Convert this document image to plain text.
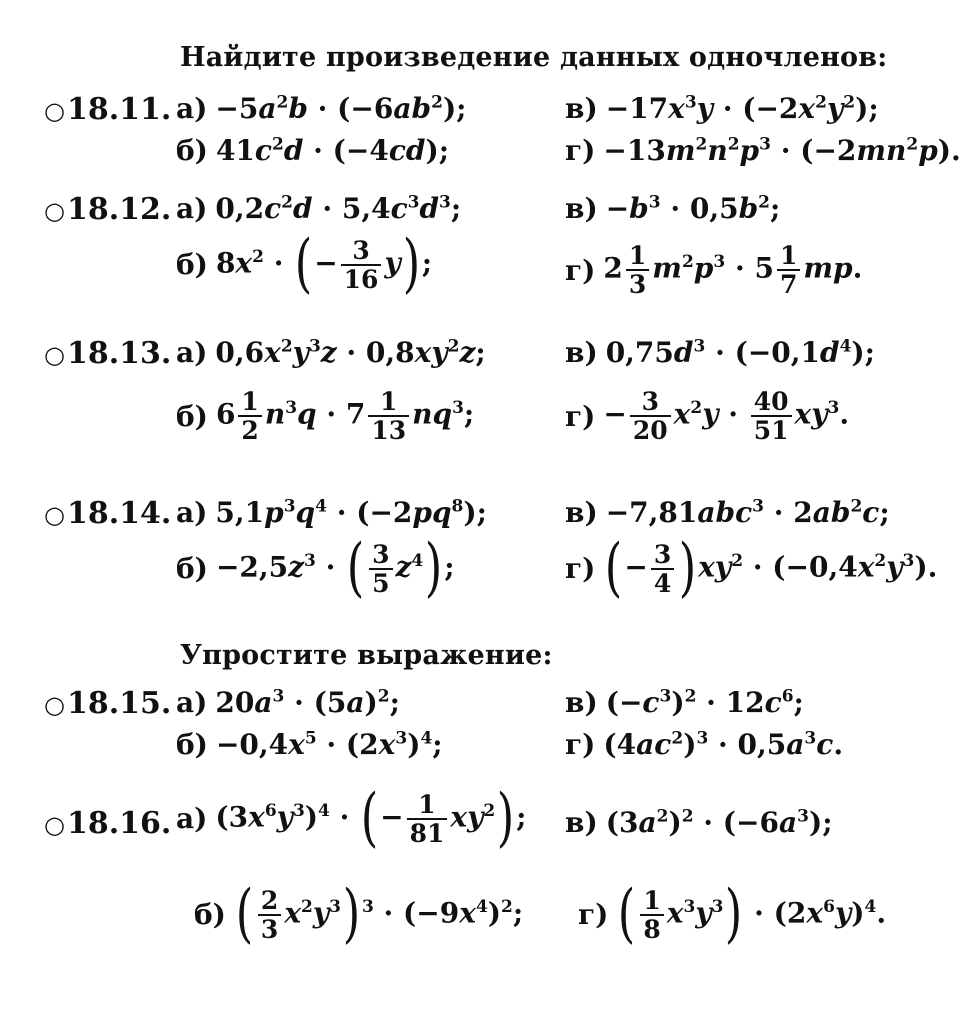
Найдите произведение данных одночленов:
Упростите выражение:
○18.11. $а) -5a^2b \cdot (-6ab^2)$;
б) $41c^2d \cdot (-4cd)$;
$в) -17x^3y \cdot (-2x^2y^2)$;
$г) -13m^2n^2p^3 \cdot (-2mn^2p)$.
○18.12. а) $0,2c^2d \cdot 5,4c^3d^3$;
б) $8x^2$ · (− $\frac{3}{16} y$);
$в) -b^3 \cdot 0,5b^2$;
г) $2 \frac{1}{3} m^2p^3 \cdot 5 \frac{1}{7}$ mp.
○18.13. а) $0,6x^2y^3z \cdot 0,8xy^2z$;
б) $6 \frac{1}{2} n^3q \cdot 7 \frac{1}{13} nq^3$;
в) $0,75d^3 \cdot (-0,1d^4)$;
$г) - \frac{3}{20} x^2y \cdot \frac{40}{51} xy^3$.
○18.14. а) $5,1p^3q^4 \cdot (-2pq^8)$;
$б) -2,5z^3$ · ( $\frac{3}{5} z^4$);
$в) -7,81abc^3 \cdot 2ab^2c$;
г) (− $\frac{3}{4} )xy^2 \cdot (-0,4x^2y^3)$.
○18.15. а) $20a^3 \cdot (5a)^2$;
$б) -0,4x^5 \cdot (2x^3)^4$;
в) $(-c^3)^2 \cdot 12c^6$;
г) $(4ac^2)^3 \cdot 0,5a^3c$.
○18.16. а) $(3x^6y^3)^4$ · (− $\frac{1}{81} xy^2$);
б) ( $\frac{2}{3} x^2y^3$) $^3 \cdot (-9x^4)^2$;
в) $(3a^2)^2 \cdot (-6a^3)$;
г) ( $\frac{1}{8} x^3y^3) \cdot (2x^6y)^4$.
